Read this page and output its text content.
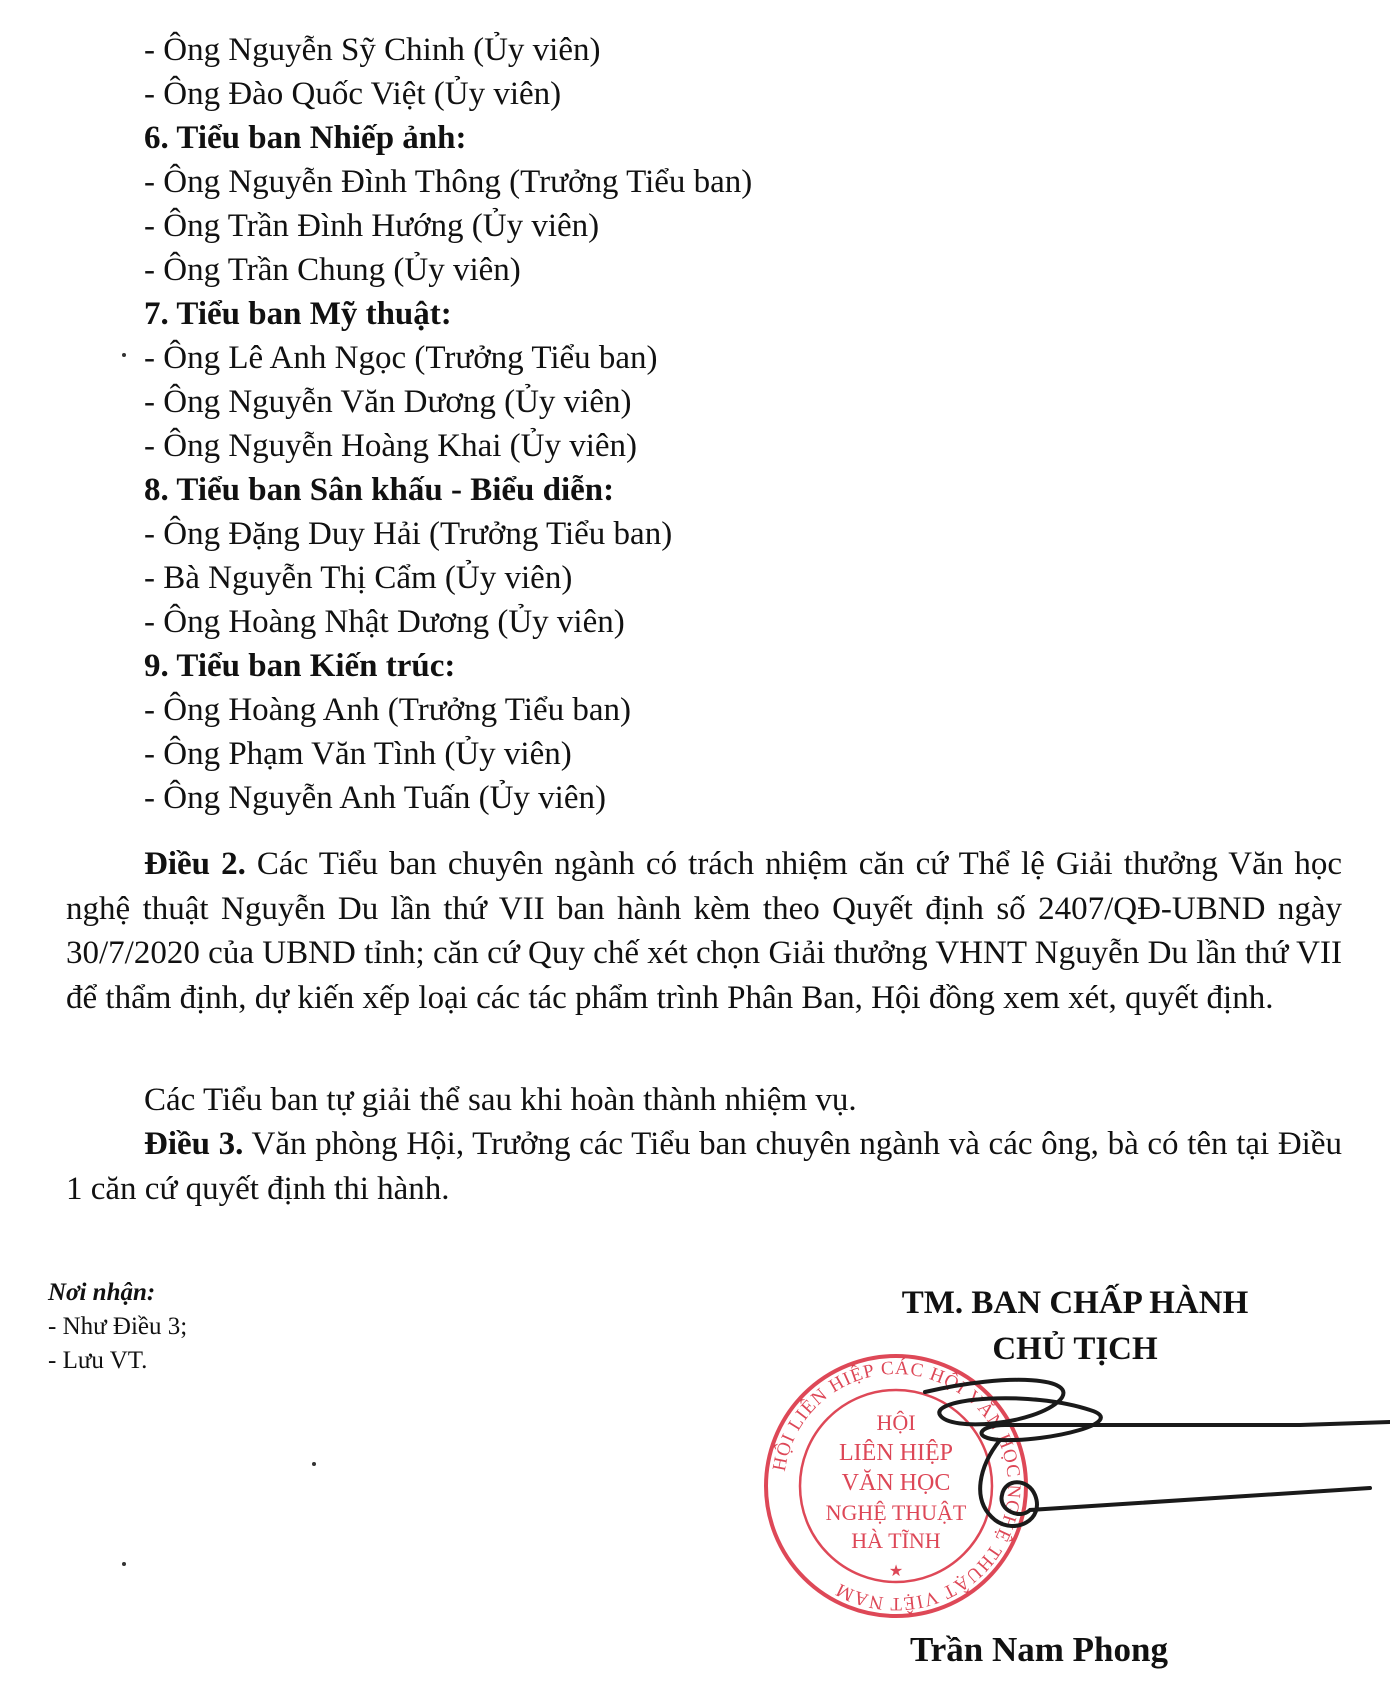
- Ông Nguyễn Sỹ Chinh (Ủy viên)
- Ông Đào Quốc Việt (Ủy viên)
6. Tiểu ban Nhiếp ảnh:
- Ông Nguyễn Đình Thông (Trưởng Tiểu ban)
- Ông Trần Đình Hướng (Ủy viên)
- Ông Trần Chung (Ủy viên)
7. Tiểu ban Mỹ thuật:
- Ông Lê Anh Ngọc (Trưởng Tiểu ban)
- Ông Nguyễn Văn Dương (Ủy viên)
- Ông Nguyễn Hoàng Khai (Ủy viên)
8. Tiểu ban Sân khấu - Biểu diễn:
- Ông Đặng Duy Hải (Trưởng Tiểu ban)
- Bà Nguyễn Thị Cẩm (Ủy viên)
- Ông Hoàng Nhật Dương (Ủy viên)
9. Tiểu ban Kiến trúc:
- Ông Hoàng Anh (Trưởng Tiểu ban)
- Ông Phạm Văn Tình (Ủy viên)
- Ông Nguyễn Anh Tuấn (Ủy viên)
Điều 2. Các Tiểu ban chuyên ngành có trách nhiệm căn cứ Thể lệ Giải thưởng Văn học nghệ thuật Nguyễn Du lần thứ VII ban hành kèm theo Quyết định số 2407/QĐ-UBND ngày 30/7/2020 của UBND tỉnh; căn cứ Quy chế xét chọn Giải thưởng VHNT Nguyễn Du lần thứ VII để thẩm định, dự kiến xếp loại các tác phẩm trình Phân Ban, Hội đồng xem xét, quyết định.
Các Tiểu ban tự giải thể sau khi hoàn thành nhiệm vụ.
Điều 3. Văn phòng Hội, Trưởng các Tiểu ban chuyên ngành và các ông, bà có tên tại Điều 1 căn cứ quyết định thi hành.
Nơi nhận:
- Như Điều 3;
- Lưu VT.
TM. BAN CHẤP HÀNH
CHỦ TỊCH
HỘI LIÊN HIỆP CÁC HỘI VĂN HỌC NGHỆ THUẬT VIỆT NAM
HỘI
LIÊN HIỆP
VĂN HỌC
NGHỆ THUẬT
HÀ TĨNH
★
Trần Nam Phong
